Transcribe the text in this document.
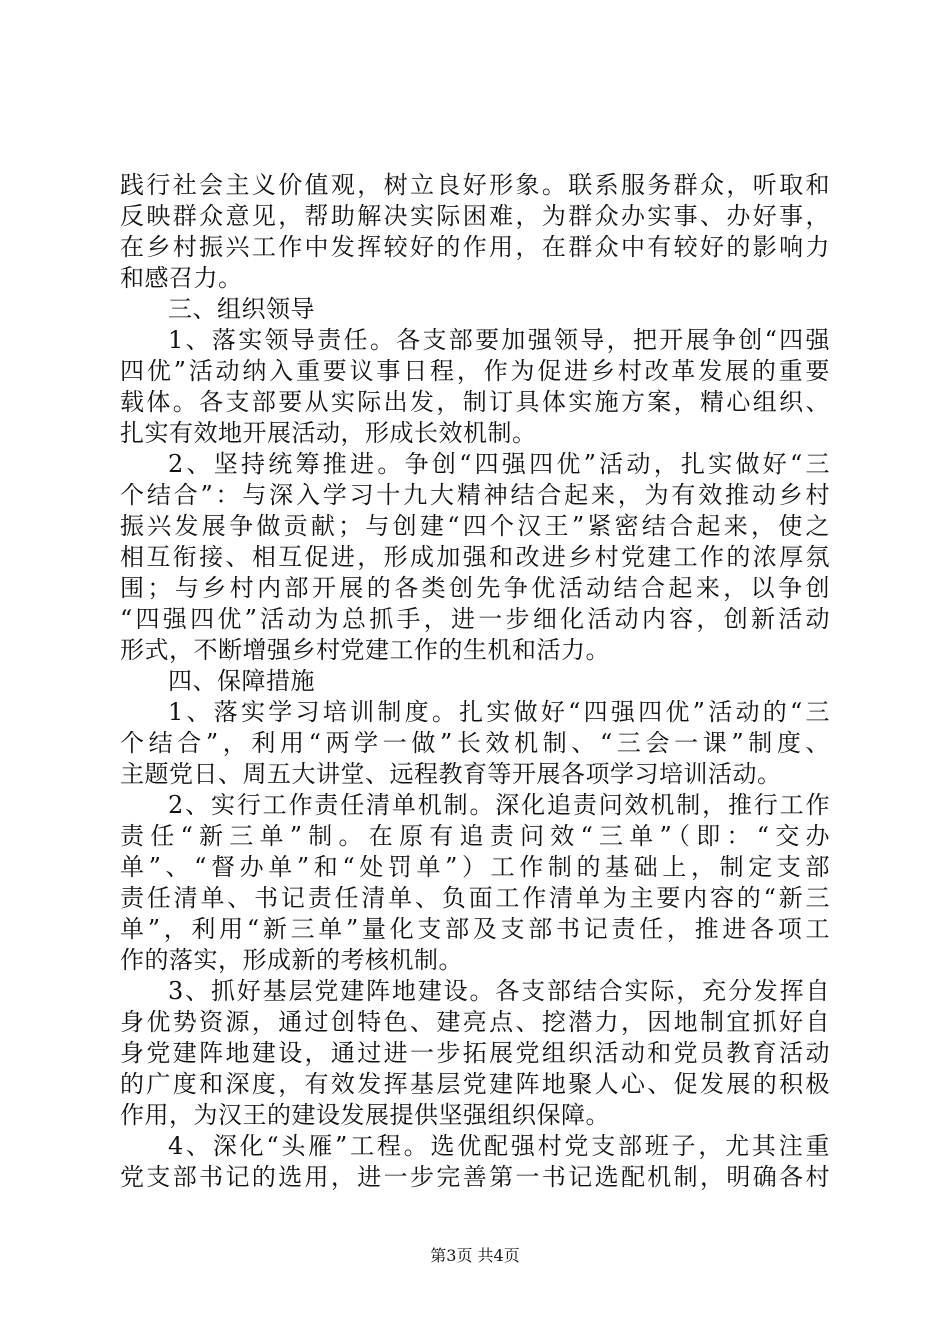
践行社会主义价值观，树立良好形象。联系服务群众，听取和
反映群众意见，帮助解决实际困难，为群众办实事、办好事，
在乡村振兴工作中发挥较好的作用，在群众中有较好的影响力
和感召力。
三、组织领导
1、落实领导责任。各支部要加强领导，把开展争创“四强
四优”活动纳入重要议事日程，作为促进乡村改革发展的重要
载体。各支部要从实际出发，制订具体实施方案，精心组织、
扎实有效地开展活动，形成长效机制。
2、坚持统筹推进。争创“四强四优”活动，扎实做好“三
个结合”：与深入学习十九大精神结合起来，为有效推动乡村
振兴发展争做贡献；与创建“四个汉王”紧密结合起来，使之
相互衔接、相互促进，形成加强和改进乡村党建工作的浓厚氛
围；与乡村内部开展的各类创先争优活动结合起来，以争创
“四强四优”活动为总抓手，进一步细化活动内容，创新活动
形式，不断增强乡村党建工作的生机和活力。
四、保障措施
1、落实学习培训制度。扎实做好“四强四优”活动的“三
个结合”，利用“两学一做”长效机制、“三会一课”制度、
主题党日、周五大讲堂、远程教育等开展各项学习培训活动。
2、实行工作责任清单机制。深化追责问效机制，推行工作
责任“新三单”制。在原有追责问效“三单”（即：“交办
单”、“督办单”和“处罚单”）工作制的基础上，制定支部
责任清单、书记责任清单、负面工作清单为主要内容的“新三
单”，利用“新三单”量化支部及支部书记责任，推进各项工
作的落实，形成新的考核机制。
3、抓好基层党建阵地建设。各支部结合实际，充分发挥自
身优势资源，通过创特色、建亮点、挖潜力，因地制宜抓好自
身党建阵地建设，通过进一步拓展党组织活动和党员教育活动
的广度和深度，有效发挥基层党建阵地聚人心、促发展的积极
作用，为汉王的建设发展提供坚强组织保障。
4、深化“头雁”工程。选优配强村党支部班子，尤其注重
党支部书记的选用，进一步完善第一书记选配机制，明确各村
第3页 共4页
